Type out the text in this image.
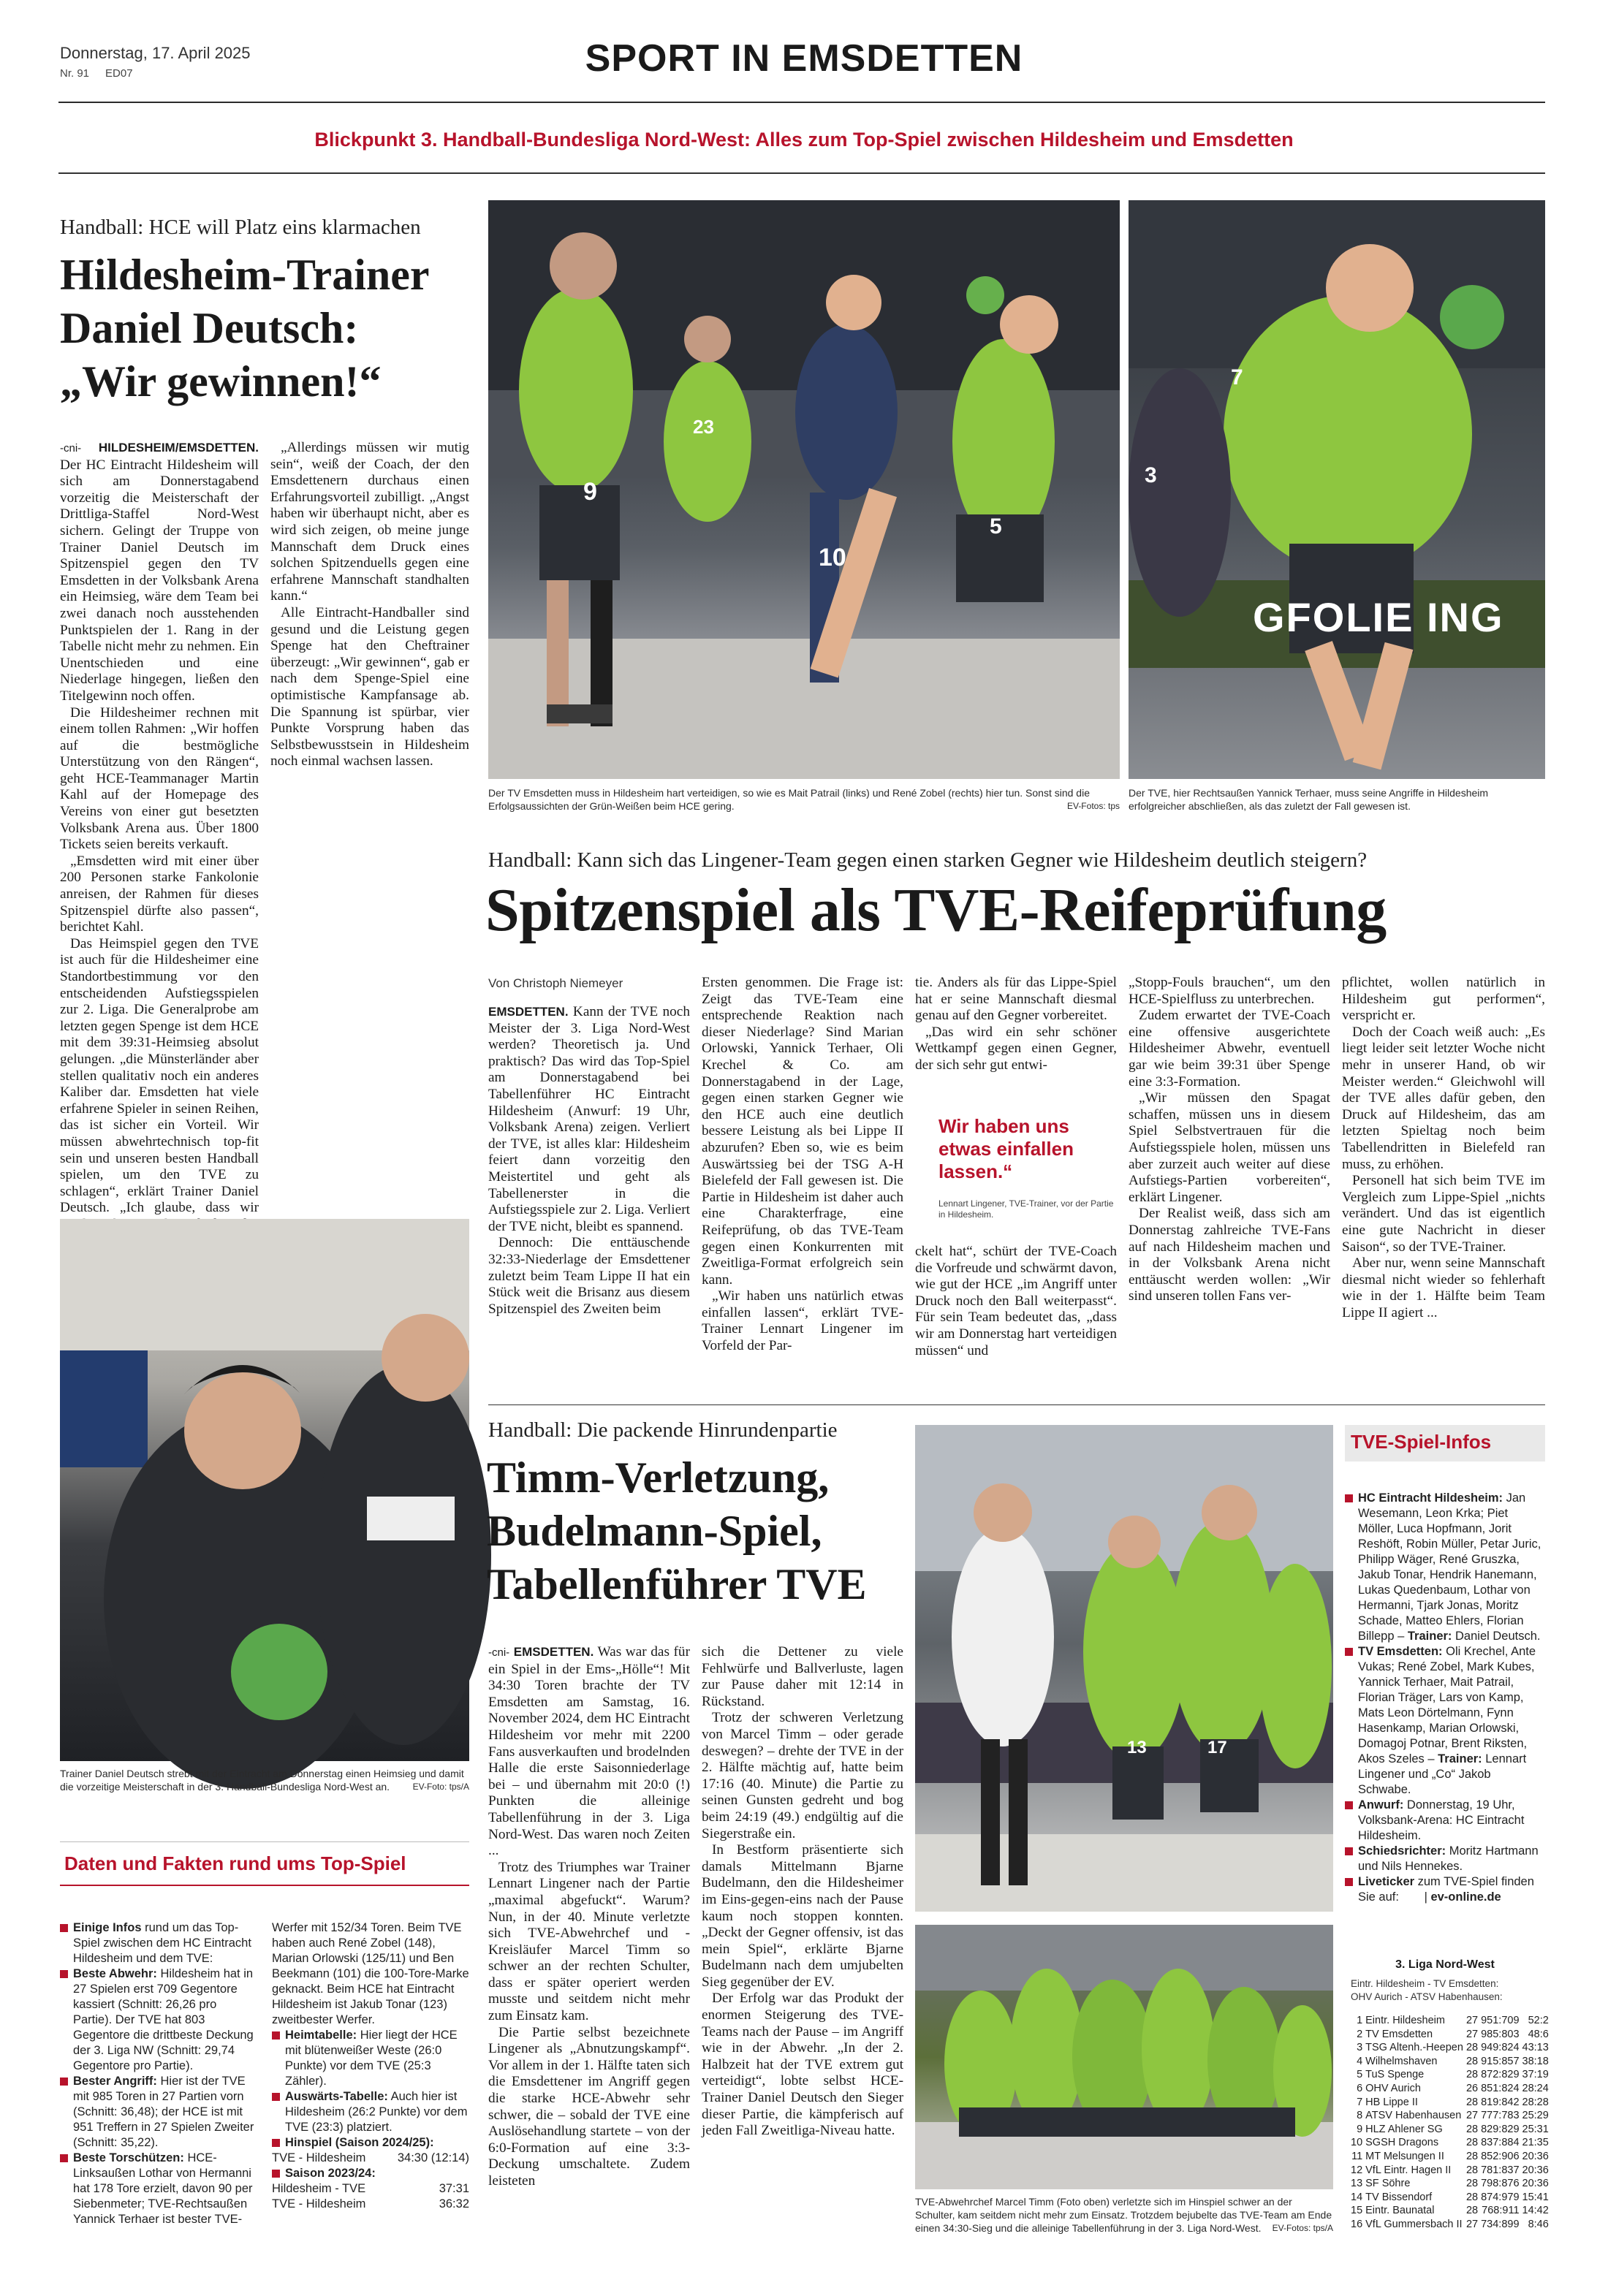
Donnerstag, 17. April 2025
Nr. 91 ED07	SPORT IN EMSDETTEN
Blickpunkt 3. Handball-Bundesliga Nord-West: Alles zum Top-Spiel zwischen Hildesheim und Emsdetten
Handball: HCE will Platz eins klarmachen
Hildesheim-Trainer
Daniel Deutsch:
„Wir gewinnen!“

-cni- HILDESHEIM/EMSDETTEN. Der HC Eintracht Hildesheim will sich am Donnerstagabend vorzeitig die Meisterschaft der Drittliga-Staffel Nord-West sichern. Gelingt der Truppe von Trainer Daniel Deutsch im Spitzenspiel gegen den TV Emsdetten in der Volksbank Arena ein Heimsieg, wäre dem Team bei zwei danach noch ausstehenden Punktspielen der 1. Rang in der Tabelle nicht mehr zu nehmen. Ein Unentschieden und eine Niederlage hingegen, ließen den Titelgewinn noch offen.

Die Hildesheimer rechnen mit einem tollen Rahmen: „Wir hoffen auf die bestmögliche Unterstützung von den Rängen“, geht HCE-Teammanager Martin Kahl auf der Homepage des Vereins von einer gut besetzten Volksbank Arena aus. Über 1800 Tickets seien bereits verkauft.

„Emsdetten wird mit einer über 200 Personen starke Fankolonie anreisen, der Rahmen für dieses Spitzenspiel dürfte also passen“, berichtet Kahl.

Das Heimspiel gegen den TVE ist auch für die Hildesheimer eine Standortbestimmung vor den entscheidenden Aufstiegsspielen zur 2. Liga. Die Generalprobe am letzten gegen Spenge ist dem HCE mit dem 39:31-Heimsieg absolut gelungen. „die Münsterländer aber stellen qualitativ noch ein anderes Kaliber dar. Emsdetten hat viele erfahrene Spieler in seinen Reihen, das ist sicher ein Vorteil. Wir müssen abwehrtechnisch top-fit sein und unseren besten Handball spielen, um den TVE zu schlagen“, erklärt Trainer Daniel Deutsch. „Ich glaube, dass wir

„Allerdings müssen wir mutig sein“, weiß der Coach, der den Emsdettenern durchaus einen Erfahrungsvorteil zubilligt. „Angst haben wir überhaupt nicht, aber es wird sich zeigen, ob meine junge Mannschaft dem Druck eines solchen Spitzenduells gegen eine erfahrene Mannschaft standhalten kann.“

Alle Eintracht-Handballer sind gesund und die Leistung gegen Spenge hat den Cheftrainer überzeugt: „Wir gewinnen“, gab er nach dem Spenge-Spiel eine optimistische Kampfansage ab. Die Spannung ist spürbar, vier Punkte Vorsprung haben das Selbstbewusstsein in Hildesheim noch einmal wachsen lassen.

9
10
23
5
Der TV Emsdetten muss in Hildesheim hart verteidigen, so wie es Mait Patrail (links) und René Zobel (rechts) hier tun. Sonst sind die Erfolgsaussichten der Grün-Weißen beim HCE gering.	EV-Fotos: tps
GFOLIE ING
7
3
Der TVE, hier Rechtsaußen Yannick Terhaer, muss seine Angriffe in Hildesheim erfolgreicher abschließen, als das zuletzt der Fall gewesen ist.
Handball: Kann sich das Lingener-Team gegen einen starken Gegner wie Hildesheim deutlich steigern?
Spitzenspiel als TVE-Reifeprüfung
Von Christoph Niemeyer

EMSDETTEN. Kann der TVE noch Meister der 3. Liga Nord-West werden? Theoretisch ja. Und praktisch? Das wird das Top-Spiel am Donnerstagabend bei Tabellenführer HC Eintracht Hildesheim (Anwurf: 19 Uhr, Volksbank Arena) zeigen. Verliert der TVE, ist alles klar: Hildesheim feiert dann vorzeitig den Meistertitel und geht als Tabellenerster in die Aufstiegsspiele zur 2. Liga. Verliert der TVE nicht, bleibt es spannend.

Dennoch: Die enttäuschende 32:33-Niederlage der Emsdettener zuletzt beim Team Lippe II hat ein Stück weit die Brisanz aus diesem Spitzenspiel des Zweiten beim

Ersten genommen. Die Frage ist: Zeigt das TVE-Team eine entsprechende Reaktion nach dieser Niederlage? Sind Marian Orlowski, Yannick Terhaer, Oli Krechel & Co. am Donnerstagabend in der Lage, gegen einen starken Gegner wie den HCE auch eine deutlich bessere Leistung als bei Lippe II abzurufen? Eben so, wie es beim Auswärtssieg bei der TSG A-H Bielefeld der Fall gewesen ist. Die Partie in Hildesheim ist daher auch eine Charakterfrage, eine Reifeprüfung, ob das TVE-Team gegen einen Konkurrenten mit Zweitliga-Format erfolgreich sein kann.

„Wir haben uns natürlich etwas einfallen lassen“, erklärt TVE-Trainer Lennart Lingener im Vorfeld der Par-

tie. Anders als für das Lippe-Spiel hat er seine Mannschaft diesmal genau auf den Gegner vorbereitet.

„Das wird ein sehr schöner Wettkampf gegen einen Gegner, der sich sehr gut entwi-

Wir haben uns etwas einfallen lassen.“
Lennart Lingener, TVE-Trainer, vor der Partie in Hildesheim.

ckelt hat“, schürt der TVE-Coach die Vorfreude und schwärmt davon, wie gut der HCE „im Angriff unter Druck noch den Ball weiterpasst“. Für sein Team bedeutet das, „dass wir am Donnerstag hart verteidigen müssen“ und

„Stopp-Fouls brauchen“, um den HCE-Spielfluss zu unterbrechen.

Zudem erwartet der TVE-Coach eine offensive ausgerichtete Hildesheimer Abwehr, eventuell gar wie beim 39:31 über Spenge eine 3:3-Formation.

„Wir müssen den Spagat schaffen, müssen uns in diesem Spiel Selbstvertrauen für die Aufstiegsspiele holen, müssen uns aber zurzeit auch weiter auf diese Aufstiegs-Partien vorbereiten“, erklärt Lingener.

Der Realist weiß, dass sich am Donnerstag zahlreiche TVE-Fans auf nach Hildesheim machen und in der Volksbank Arena nicht enttäuscht werden wollen: „Wir sind unseren tollen Fans ver-

pflichtet, wollen natürlich in Hildesheim gut performen“, verspricht er.

Doch der Coach weiß auch: „Es liegt leider seit letzter Woche nicht mehr in unserer Hand, ob wir Meister werden.“ Gleichwohl will der TVE alles dafür geben, den Druck auf Hildesheim, das am letzten Spieltag noch beim Tabellendritten in Bielefeld ran muss, zu erhöhen.

Personell hat sich beim TVE im Vergleich zum Lippe-Spiel „nichts verändert. Und das ist eigentlich eine gute Nachricht in dieser Saison“, so der TVE-Trainer.

Aber nur, wenn seine Mannschaft diesmal nicht wieder so fehlerhaft wie in der 1. Hälfte beim Team Lippe II agiert ...

Trainer Daniel Deutsch strebt mit der Eintracht am Donnerstag einen Heimsieg und damit die vorzeitige Meisterschaft in der 3. Handball-Bundesliga Nord-West an.	EV-Foto: tps/A
Handball: Die packende Hinrundenpartie
Timm-Verletzung,
Budelmann-Spiel,
Tabellenführer TVE

-cni- EMSDETTEN. Was war das für ein Spiel in der Ems-„Hölle“! Mit 34:30 Toren brachte der TV Emsdetten am Samstag, 16. November 2024, dem HC Eintracht Hildesheim vor mehr mit 2200 Fans ausverkauften und brodelnden Halle die erste Saisonniederlage bei – und übernahm mit 20:0 (!) Punkten die alleinige Tabellenführung in der 3. Liga Nord-West. Das waren noch Zeiten ...

Trotz des Triumphes war Trainer Lennart Lingener nach der Partie „maximal abgefuckt“. Warum? Nun, in der 40. Minute verletzte sich TVE-Abwehrchef und -Kreisläufer Marcel Timm so schwer an der rechten Schulter, dass er später operiert werden musste und seitdem nicht mehr zum Einsatz kam.

Die Partie selbst bezeichnete Lingener als „Abnutzungskampf“. Vor allem in der 1. Hälfte taten sich die Emsdettener im Angriff gegen die starke HCE-Abwehr sehr schwer, die – sobald der TVE eine Auslösehandlung startete – von der 6:0-Formation auf eine 3:3-Deckung umschaltete. Zudem leisteten

sich die Dettener zu viele Fehlwürfe und Ballverluste, lagen zur Pause daher mit 12:14 in Rückstand.

Trotz der schweren Verletzung von Marcel Timm – oder gerade deswegen? – drehte der TVE in der 2. Hälfte mächtig auf, hatte beim 17:16 (40. Minute) die Partie zu seinen Gunsten gedreht und bog beim 24:19 (49.) endgültig auf die Siegerstraße ein.

In Bestform präsentierte sich damals Mittelmann Bjarne Budelmann, den die Hildesheimer im Eins-gegen-eins nach der Pause kaum noch stoppen konnten. „Deckt der Gegner offensiv, ist das mein Spiel“, erklärte Bjarne Budelmann nach dem umjubelten Sieg gegenüber der EV.

Der Erfolg war das Produkt der enormen Steigerung des TVE-Teams nach der Pause – im Angriff wie in der Abwehr. „In der 2. Halbzeit hat der TVE extrem gut verteidigt“, lobte selbst HCE-Trainer Daniel Deutsch den Sieger dieser Partie, die kämpferisch auf jeden Fall Zweitliga-Niveau hatte.

13	17
TVE-Abwehrchef Marcel Timm (Foto oben) verletzte sich im Hinspiel schwer an der Schulter, kam seitdem nicht mehr zum Einsatz. Trotzdem bejubelte das TVE-Team am Ende einen 34:30-Sieg und die alleinige Tabellenführung in der 3. Liga Nord-West. EV-Fotos: tps/A
Daten und Fakten rund ums Top-Spiel
Einige Infos rund um das Top-Spiel zwischen dem HC Eintracht Hildesheim und dem TVE:
Beste Abwehr: Hildesheim hat in 27 Spielen erst 709 Gegentore kassiert (Schnitt: 26,26 pro Partie). Der TVE hat 803 Gegentore die drittbeste Deckung der 3. Liga NW (Schnitt: 29,74 Gegentore pro Partie).
Bester Angriff: Hier ist der TVE mit 985 Toren in 27 Partien vorn (Schnitt: 36,48); der HCE ist mit 951 Treffern in 27 Spielen Zweiter (Schnitt: 35,22).
Beste Torschützen: HCE-Linksaußen Lothar von Hermanni hat 178 Tore erzielt, davon 90 per Siebenmeter; TVE-Rechtsaußen Yannick Terhaer ist bester TVE-
Werfer mit 152/34 Toren. Beim TVE haben auch René Zobel (148), Marian Orlowski (125/11) und Ben Beekmann (101) die 100-Tore-Marke geknackt. Beim HCE hat Eintracht Hildesheim ist Jakub Tonar (123) zweitbester Werfer.
Heimtabelle: Hier liegt der HCE mit blütenweißer Weste (26:0 Punkte) vor dem TVE (25:3 Zähler).
Auswärts-Tabelle: Auch hier ist Hildesheim (26:2 Punkte) vor dem TVE (23:3) platziert.
Hinspiel (Saison 2024/25):
TVE - Hildesheim	34:30 (12:14)
Saison 2023/24:
Hildesheim - TVE	37:31
TVE - Hildesheim	36:32
TVE-Spiel-Infos
HC Eintracht Hildesheim: Jan Wesemann, Leon Krka; Piet Möller, Luca Hopfmann, Jorit Reshöft, Robin Müller, Petar Juric, Philipp Wäger, René Gruszka, Jakub Tonar, Hendrik Hanemann, Lukas Quedenbaum, Lothar von Hermanni, Tjark Jonas, Moritz Schade, Matteo Ehlers, Florian Billepp – Trainer: Daniel Deutsch.
TV Emsdetten: Oli Krechel, Ante Vukas; René Zobel, Mark Kubes, Yannick Terhaer, Mait Patrail, Florian Träger, Lars von Kamp, Mats Leon Dörtelmann, Fynn Hasenkamp, Marian Orlowski, Domagoj Potnar, Brent Riksten, Akos Szeles – Trainer: Lennart Lingener und „Co“ Jakob Schwabe.
Anwurf: Donnerstag, 19 Uhr, Volksbank-Arena: HC Eintracht Hildesheim.
Schiedsrichter: Moritz Hartmann und Nils Hennekes.
Liveticker zum TVE-Spiel finden Sie auf: | ev-online.de
3. Liga Nord-West
Eintr. Hildesheim - TV Emsdetten:
OHV Aurich - ATSV Habenhausen:
1	Eintr. Hildesheim	27	951:709	52:2
2	TV Emsdetten	27	985:803	48:6
3	TSG Altenh.-Heepen	28	949:824	43:13
4	Wilhelmshaven	28	915:857	38:18
5	TuS Spenge	28	872:829	37:19
6	OHV Aurich	26	851:824	28:24
7	HB Lippe II	28	819:842	28:28
8	ATSV Habenhausen	27	777:783	25:29
9	HLZ Ahlener SG	28	829:829	25:31
10	SGSH Dragons	28	837:884	21:35
11	MT Melsungen II	28	852:906	20:36
12	VfL Eintr. Hagen II	28	781:837	20:36
13	SF Söhre	28	798:876	20:36
14	TV Bissendorf	28	874:979	15:41
15	Eintr. Baunatal	28	768:911	14:42
16	VfL Gummersbach II	27	734:899	8:46
